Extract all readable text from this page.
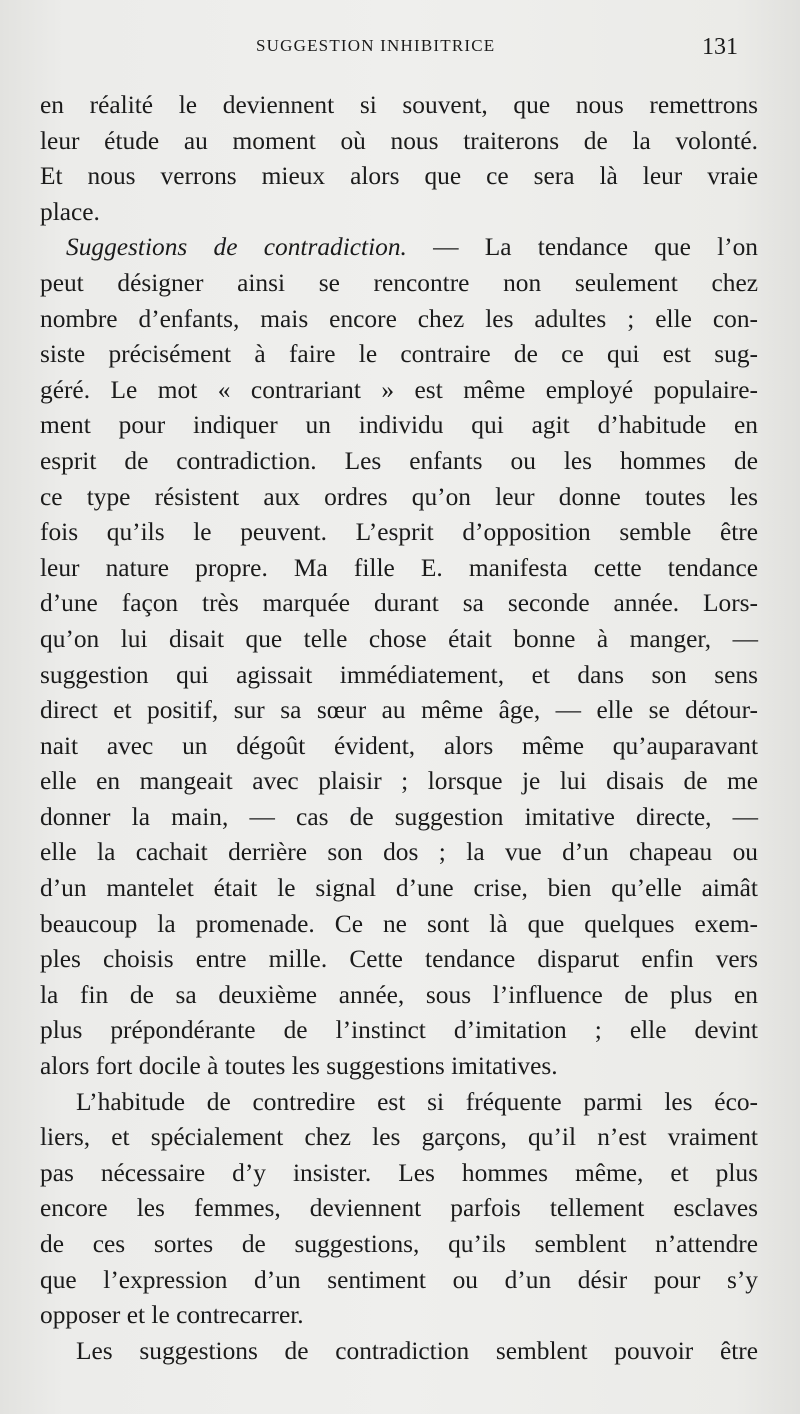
SUGGESTION INHIBITRICE	131
en réalité le deviennent si souvent, que nous remettrons
leur étude au moment où nous traiterons de la volonté.
Et nous verrons mieux alors que ce sera là leur vraie
place.
Suggestions de contradiction. — La tendance que l’on
peut désigner ainsi se rencontre non seulement chez
nombre d’enfants, mais encore chez les adultes ; elle con-
siste précisément à faire le contraire de ce qui est sug-
géré. Le mot « contrariant » est même employé populaire-
ment pour indiquer un individu qui agit d’habitude en
esprit de contradiction. Les enfants ou les hommes de
ce type résistent aux ordres qu’on leur donne toutes les
fois qu’ils le peuvent. L’esprit d’opposition semble être
leur nature propre. Ma fille E. manifesta cette tendance
d’une façon très marquée durant sa seconde année. Lors-
qu’on lui disait que telle chose était bonne à manger, —
suggestion qui agissait immédiatement, et dans son sens
direct et positif, sur sa sœur au même âge, — elle se détour-
nait avec un dégoût évident, alors même qu’auparavant
elle en mangeait avec plaisir ; lorsque je lui disais de me
donner la main, — cas de suggestion imitative directe, —
elle la cachait derrière son dos ; la vue d’un chapeau ou
d’un mantelet était le signal d’une crise, bien qu’elle aimât
beaucoup la promenade. Ce ne sont là que quelques exem-
ples choisis entre mille. Cette tendance disparut enfin vers
la fin de sa deuxième année, sous l’influence de plus en
plus prépondérante de l’instinct d’imitation ; elle devint
alors fort docile à toutes les suggestions imitatives.
L’habitude de contredire est si fréquente parmi les éco-
liers, et spécialement chez les garçons, qu’il n’est vraiment
pas nécessaire d’y insister. Les hommes même, et plus
encore les femmes, deviennent parfois tellement esclaves
de ces sortes de suggestions, qu’ils semblent n’attendre
que l’expression d’un sentiment ou d’un désir pour s’y
opposer et le contrecarrer.
Les suggestions de contradiction semblent pouvoir être
